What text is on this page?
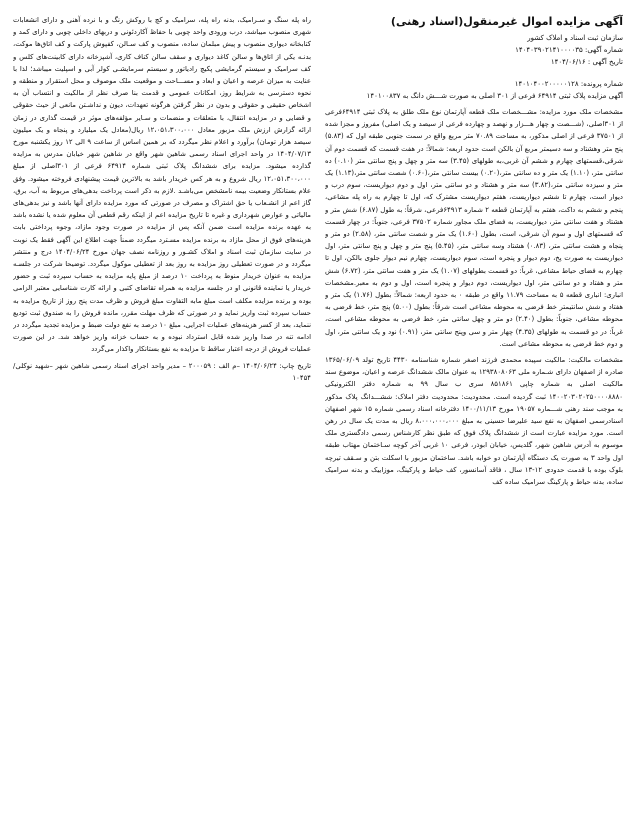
آگهی مزایده اموال غیرمنقول(اسناد رهنی)
سازمان ثبت اسناد و املاک کشور
شماره آگهی: ۱۴۰۴۰۳۹۰۲۱۴۱۰۰۰۰۳۵
تاریخ آگهی : ۱۴۰۴/۰۶/۱۶
شماره پرونده: ۱۴۰۱۰۴۰۰۲۰۰۰۰۰۱۲۸
آگهی مزایده پلاک ثبتی ۶۴۹۱۴ فرعی از ۳۰۱ اصلی به صورت شـــش دانگ به ۱۴۰۱۰۰۸۳۷

مشخصات ملک مورد مزایده: مشـــخصات ملک قطعه آپارتمان نوع ملک طلق به پلاک ثبتی ۶۴۹۱۴فرعی از ۳۰۱اصلی، (شـــصت و چهار هـــزار و نهصد و چهارده فرعی از سیصد و یک اصلی) مفروز و مجزا شده از ۳۷۵۰۱ فرعی از اصلی مذکور، به مساحت ۷۰.۸۹ متر مربع واقع در سمت جنوبی طبقه اول که (۵.۸۳) پنج متر وهشتاد و سه دسیمتر مربع آن بالکن است حدود اربعه: شمالاً: در هفت قسمت که قسمت دوم آن شرقی،قسمتهای چهارم و ششم آن غربی،به طولهای (۳.۴۵) سه متر و چهل و پنج سانتی متر (۰.۱۰) ده سانتی متر، (۱.۱۰) یک متر و ده سانتی متر،(۰.۲۰) بیست سانتی متر،(۰.۶۰) شصت سانتی متر،(۱.۱۳) یک متر و سیزده سانتی متر،(۳.۸۲) سه متر و هشتاد و دو سانتی متر، اول و دوم دیواریست، سوم درب و دیوار است، چهارم تا ششم دیواریست، هفتم دیواریست مشترک که، اول تا چهارم به راه پله مشاعی، پنجم و ششم به داکت، هفتم به آپارتمان قطعه ۲ شماره ۶۴۹۱۳فرعی، شرقاً: به طول (۶.۸۷) شش متر و هشتاد و هفت سانتی متر، دیواریست، به فضای ملک مجاور شماره ۳۷۵۰۲ فرعی، جنوباً: در چهار قسمت که قسمتهای اول و سوم آن شرقی، است، بطول (۱.۶۰) یک متر و شصت سانتی متر، (۲.۵۸) دو متر و پنجاه و هشت سانتی متر، (۰.۸۳) هشتاد وسه سانتی متر، (۵.۴۵) پنج متر و چهل و پنج سانتی متر، اول دیواریست به صورت پخ، دوم دیوار و پنجره است، سوم دیواریست، چهارم نیم دیوار جلوی بالکن، اول تا چهارم به فضای حیاط مشاعی، غرباً: دو قسمت بطولهای (۱.۰۷) یک متر و هفت سانتی متر، (۶.۷۲) شش متر و هفتاد و دو سانتی متر، اول دیواریست، دوم دیوار و پنجره است، اول و دوم به معبر.مشخصات انباری: انباری قطعه ۵ به مساحت ۱۱.۷۹ واقع در طبقه ۰ به حدود اربعه: شمالاً: بطول (۱.۷۶) یک متر و هفتاد و شش سانتیمتر خط فرضی به محوطه مشاعی است شرقاً: بطول (۵.۰۰) پنج متر، خط فرضی به محوطه مشاعی، جنوباً: بطول (۲.۴۰) دو متر و چهل سانتی متر، خط فرضی به محوطه مشاعی است، غرباً: در دو قسمت به طولهای (۴.۳۵) چهار متر و سی وپنج سانتی متر، (۰.۹۱) نود و یک سانتی متر، اول و دوم خط فرضی به محوطه مشاعی است.

مشخصات مالکیت: مالکیت سپیده محمدی فرزند اصغر شماره شناسنامه ۴۴۳۰ تاریخ تولد ۱۳۶۵/۰۶/۰۹ صادره از اصفهان دارای شـماره ملی ۱۲۹۳۸۰۸۰۶۳ به عنوان مالک ششدانگ عرصه و اعیان، موضوع سند مالکیت اصلی به شماره چاپی ۸۵۱۸۶۱ سری ب سال ۹۹ به شماره دفتر الکترونیکی ۱۴۰۰۲۰۳۰۲۰۲۵۰۰۰۰۸۸۸۰ ثبت گردیده است. محدودیت: محدودیت دفتر املاک: ششـــدانگ پلاک مذکور به موجب سند رهنی شـــماره ۱۹۰۵۷ مورخ ۱۴۰۰/۱۱/۱۳ دفترخانه اسناد رسمی شماره ۱۵ شهر اصفهان اسنادرسمی اصفهان به نفع سید علیرضا حسینی به مبلغ ۸،۰۰۰،۰۰۰،۰۰۰ ریال به مدت یک سال در رهن است. مورد مزایده عبارت است از ششدانگ پلاک فوق که طبق نظر کارشناس رسمی دادگستری ملک موسوم به آدرس شاهین شهر، گلدیس، خیابان ابوذر، فرعی ۱۰ غربی آخر کوچه سـاختمان مهتاب طبقه اول واحد ۳ به صورت یک دستگاه آپارتمان دو خوابه باشد. ساختمان مزبور با اسکلت بتن و سـقف تیرچه بلوک بوده با قدمت حدودی ۱۲-۱۳ سال ، فاقد آسانسور، کف حیاط و پارکینگ، موزاییک و بدنه سرامیک ساده، بدنه حیاط و پارکینگ سرامیک ساده کف

راه پله سنگ و سـرامیک، بدنه راه پله، سرامیک و کچ با روکش رنگ و با نرده آهنی و دارای انشعابات شهری منصوب میباشد، درب ورودی واحد چوبی با حفاظ آکاردئونی و دربهای داخلی چوبی و دارای کمد و کتابخانه دیواری منصوب و پیش مبلمان ساده، منصوب و کف سـالن، کفپوش پارکت و کف اتاق‌ها موکت، بدنـه یکی از اتاق‌ها و سالن کاغذ دیواری و سقف سالن کناف کاری، آشپزخانه دارای کابینت‌های کلس و کف سرامیک و سیستم گرمایشی پکیچ رادیاتور و سیستم سرمایشـی کولر آبی و اسپلیت میباشد؛ لذا با عنایت به میزان عرصه و اعیان و ابعاد و مســـاحت و موقعیت ملک موصوف و محل استقرار و منطقه و نحوه دسترسی به شرایط روز، امکانات عمومی و قدمت بنا صرف نظر از مالکیت و انتساب آن به اشخاص حقیقی و حقوقی و بدون در نظر گرفتن هرگونه تعهدات، دیون و نداشـتن مانعی از حیث حقوقی و قضایی و در مزایده انتقال، با متعلقات و منضمات و سـایر مؤلفه‌های موثر در قیمت گذاری در زمان ارائه گزارش ارزش ملک مزبور معادل ۱۲،۰۵۱،۳۰۰،۰۰۰ ریال(معادل یک میلیارد و پنجاه و یک میلیون سیصد هزار تومان) برآورد و اعلام نظر میگردد که بر همین اساس از ساعت ۹ الی ۱۲ روز یکشنبه مورخ ۱۴۰۴/۰۷/۱۳ در واحد اجرای اسناد رسمی شاهین شهر واقع در شاهین شهر خیابان مدرس به مزایده گذارده میشود. مزایده برای ششدانگ پلاک ثبتی شماره ۶۴۹۱۴ فرعی از ۳۰۱اصلی از مبلغ ۱۲،۰۵۱،۳۰۰،۰۰۰ ریال شروع و به هر کس خریدار باشد به بالاترین قیمت پیشنهادی فروخته میشود. وفق علام بستانکار وضعیت بیمه نامشخص می‌باشـد .لازم به ذکر است پرداخت بدهی‌های مربوط به آب، برق، گاز اعم از انشـعاب یا حق اشتراک و مصرف در صورتی که مورد مزایده دارای آنها باشد و نیز بدهی‌های مالیاتی و عوارض شهرداری و غیره تا تاریخ مزایده اعم از اینکه رقم قطعی آن معلوم شده یا نشده باشد به عهده برنده مزایده است ضمن آنکه پس از مزایده در صورت وجود مازاد، وجوه پرداختی بابت هزینه‌های فوق از محل مازاد به برنده مزایده مسـترد میگردد ضمناً جهت اطلاع این آگهی فقط یک نوبت در سایت سازمان ثبت اسناد و املاک کشـور و روزنامه نصف جهان مورخ ۱۴۰۴/۰۶/۲۴ درج و منتشر میگردد و در صورت تعطیلی روز مزایده به روز بعد از تعطیلی موکول میگردد. توضیحا شرکت در جلسـه مزایده به عنوان خریدار منوط به پرداخت ۱۰ درصد از مبلغ پایه مزایده به حساب سپرده ثبت و حضور خریدار یا نماینده قانونی او در جلسه مزایده به همراه تقاضای کتبی و ارائه کارت شناسایی معتبر الزامی بوده و برنده مزایده مکلف است مبلغ مابه التفاوت مبلغ فروش و ظرف مدت پنج روز از تاریخ مزایده به حساب سپرده ثبت واریز نماید و در صورتی که ظرف مهلت مقرر، مانده فروش را به صندوق ثبت تودیع ننماید، بعد از کسر هزینه‌های عملیات اجرایی، مبلغ ۱۰ درصد به نفع دولت ضبط و مزایده تجدید میگردد در ادامه تنه در صدا واریز شده قابل استرداد نبوده و به حساب خزانه واریز خواهد شد. در این صورت عملیات فروش از درجه اعتبار ساقط تا مزایده به نفع بستانکار واکذار می‌گردد

تاریخ چاپ: ۱۴۰۴/۰۶/۲۴ –م الف : ۲۰۰۰۵۹ – مدیر واحد اجرای اسناد رسمی شاهین شهر –شهید نوکلی/۱۰۴۵۴
